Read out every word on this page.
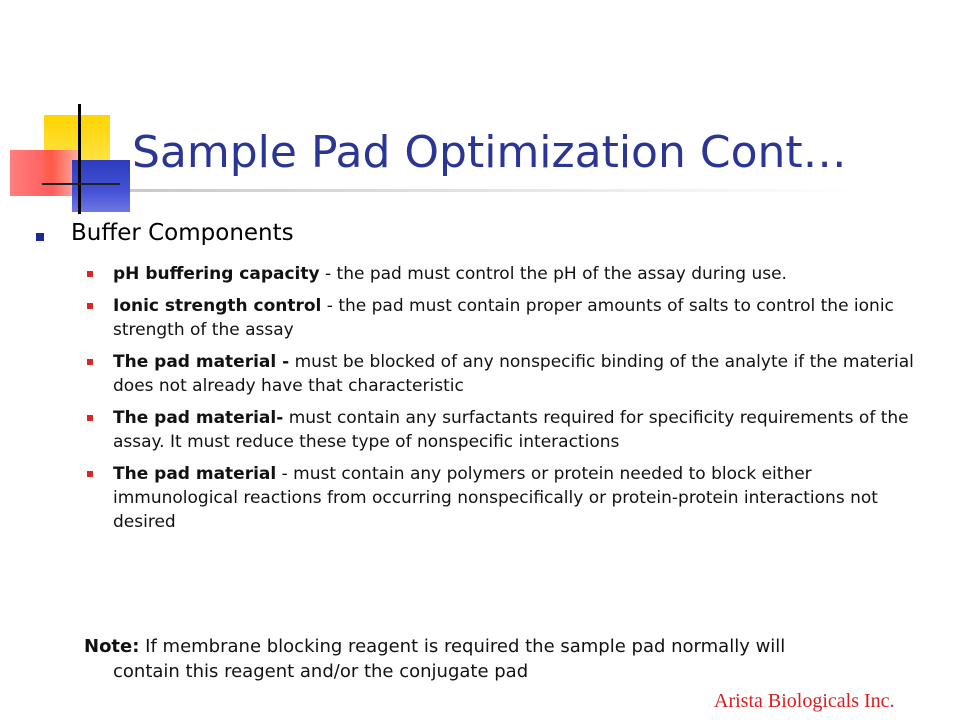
Sample Pad Optimization Cont…
Buffer Components
pH buffering capacity - the pad must control the pH of the assay during use.
Ionic strength control - the pad must contain proper amounts of salts to control the ionic strength of the assay
The pad material - must be blocked of any nonspecific binding of the analyte if the material does not already have that characteristic
The pad material- must contain any surfactants required for specificity requirements of the assay. It must reduce these type of nonspecific interactions
The pad material - must contain any polymers or protein needed to block either immunological reactions from occurring nonspecifically or protein-protein interactions not desired
Note: If membrane blocking reagent is required the sample pad normally will
contain this reagent and/or the conjugate pad
Arista Biologicals Inc.
